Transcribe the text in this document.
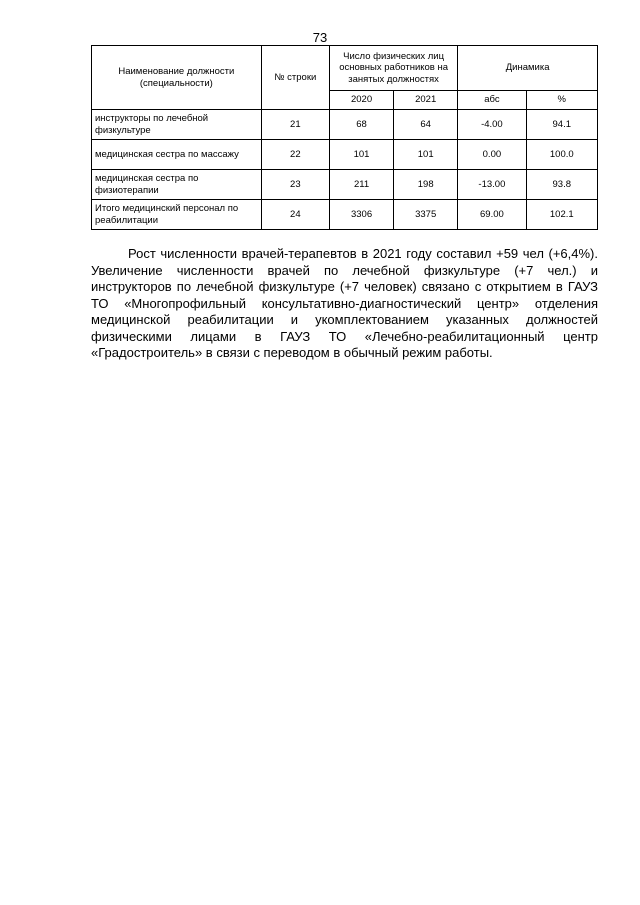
73
Наименование должности (специальности)	№ строки	Число физических лиц основных работников на занятых должностях		Динамика	
		2020	2021	абс	%
инструкторы по лечебной физкультуре	21	68	64	-4.00	94.1
медицинская сестра по массажу	22	101	101	0.00	100.0
медицинская сестра по физиотерапии	23	211	198	-13.00	93.8
Итого медицинский персонал по реабилитации	24	3306	3375	69.00	102.1

Рост численности врачей-терапевтов в 2021 году составил +59 чел (+6,4%). Увеличение численности врачей по лечебной физкультуре (+7 чел.) и инструкторов по лечебной физкультуре (+7 человек) связано с открытием в ГАУЗ ТО «Многопрофильный консультативно-диагностический центр» отделения медицинской реабилитации и укомплектованием указанных должностей физическими лицами в ГАУЗ ТО «Лечебно-реабилитационный центр «Градостроитель» в связи с переводом в обычный режим работы.
